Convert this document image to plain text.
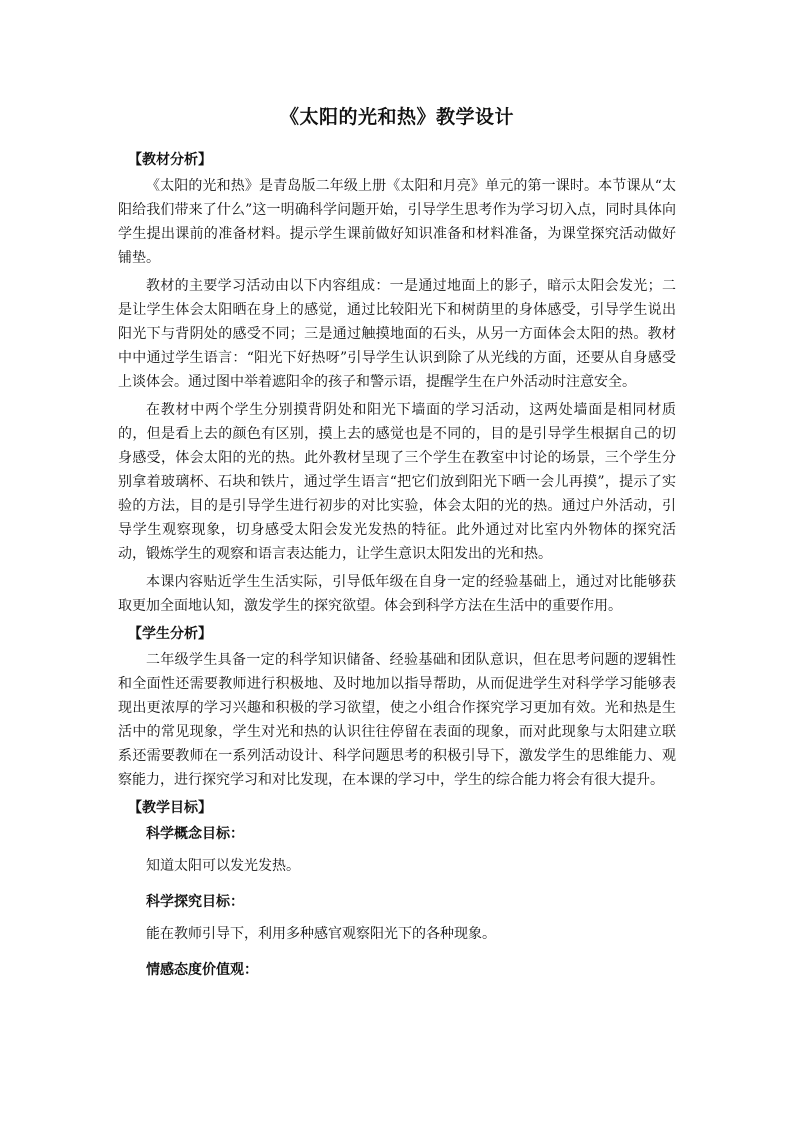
《太阳的光和热》教学设计
【教材分析】

《太阳的光和热》是青岛版二年级上册《太阳和月亮》单元的第一课时。本节课从“太阳给我们带来了什么”这一明确科学问题开始，引导学生思考作为学习切入点，同时具体向学生提出课前的准备材料。提示学生课前做好知识准备和材料准备，为课堂探究活动做好铺垫。

教材的主要学习活动由以下内容组成：一是通过地面上的影子，暗示太阳会发光；二是让学生体会太阳晒在身上的感觉，通过比较阳光下和树荫里的身体感受，引导学生说出阳光下与背阴处的感受不同；三是通过触摸地面的石头，从另一方面体会太阳的热。教材中中通过学生语言：“阳光下好热呀”引导学生认识到除了从光线的方面，还要从自身感受上谈体会。通过图中举着遮阳伞的孩子和警示语，提醒学生在户外活动时注意安全。

在教材中两个学生分别摸背阴处和阳光下墙面的学习活动，这两处墙面是相同材质的，但是看上去的颜色有区别，摸上去的感觉也是不同的，目的是引导学生根据自己的切身感受，体会太阳的光的热。此外教材呈现了三个学生在教室中讨论的场景，三个学生分别拿着玻璃杯、石块和铁片，通过学生语言“把它们放到阳光下晒一会儿再摸”，提示了实验的方法，目的是引导学生进行初步的对比实验，体会太阳的光的热。通过户外活动，引导学生观察现象，切身感受太阳会发光发热的特征。此外通过对比室内外物体的探究活动，锻炼学生的观察和语言表达能力，让学生意识太阳发出的光和热。

本课内容贴近学生生活实际，引导低年级在自身一定的经验基础上，通过对比能够获取更加全面地认知，激发学生的探究欲望。体会到科学方法在生活中的重要作用。

【学生分析】

二年级学生具备一定的科学知识储备、经验基础和团队意识，但在思考问题的逻辑性和全面性还需要教师进行积极地、及时地加以指导帮助，从而促进学生对科学学习能够表现出更浓厚的学习兴趣和积极的学习欲望，使之小组合作探究学习更加有效。光和热是生活中的常见现象，学生对光和热的认识往往停留在表面的现象，而对此现象与太阳建立联系还需要教师在一系列活动设计、科学问题思考的积极引导下，激发学生的思维能力、观察能力，进行探究学习和对比发现，在本课的学习中，学生的综合能力将会有很大提升。

【教学目标】
科学概念目标：
知道太阳可以发光发热。
科学探究目标：
能在教师引导下，利用多种感官观察阳光下的各种现象。
情感态度价值观：
